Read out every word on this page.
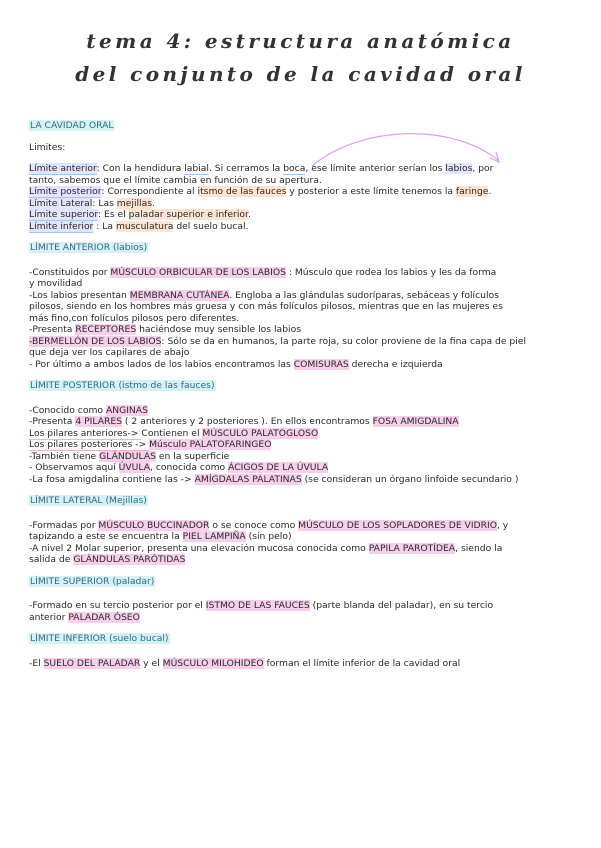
tema 4: estructura anatómica
del conjunto de la cavidad oral

LA CAVIDAD ORAL

Limites:

Límite anterior: Con la hendidura labial. Si cerramos la boca, ese límite anterior serían los labios, por

tanto, sabemos que el límite cambia en función de su apertura.

Límite posterior: Correspondiente al itsmo de las fauces y posterior a este límite tenemos la faringe.

Límite Lateral: Las mejillas.

Límite superior: Es el paladar superior e inferior.

Límite inferior : La musculatura del suelo bucal.

LÍMITE ANTERIOR (labios)

-Constituidos por MÚSCULO ORBICULAR DE LOS LABIOS : Músculo que rodea los labios y les da forma

y movilidad

-Los labios presentan MEMBRANA CUTÁNEA. Engloba a las glándulas sudoríparas, sebáceas y folículos

pilosos, siendo en los hombres más gruesa y con más folículos pilosos, mientras que en las mujeres es

más fino,con folículos pilosos pero diferentes.

-Presenta RECEPTORES haciéndose muy sensible los labios

-BERMELLÓN DE LOS LABIOS: Sólo se da en humanos, la parte roja, su color proviene de la fina capa de piel

que deja ver los capilares de abajo

- Por último a ambos lados de los labios encontramos las COMISURAS derecha e izquierda

LÍMITE POSTERIOR (istmo de las fauces)

-Conocido como ANGINAS

-Presenta 4 PILARES ( 2 anteriores y 2 posteriores ). En ellos encontramos FOSA AMIGDALINA

Los pilares anteriores-> Contienen el MÚSCULO PALATOGLOSO

Los pilares posteriores -> Músculo PALATOFARINGEO

-También tiene GLÁNDULAS en la superficie

- Observamos aquí ÚVULA, conocida como ÁCIGOS DE LA ÚVULA

-La fosa amigdalina contiene las -> AMÍGDALAS PALATINAS (se consideran un órgano linfoide secundario )

LÍMITE LATERAL (Mejillas)

-Formadas por MÚSCULO BUCCINADOR o se conoce como MÚSCULO DE LOS SOPLADORES DE VIDRIO, y

tapizando a este se encuentra la PIEL LAMPIÑA (sin pelo)

-A nivel 2 Molar superior, presenta una elevación mucosa conocida como PAPILA PAROTÍDEA, siendo la

salida de GLÁNDULAS PARÓTIDAS

LÍMITE SUPERIOR (paladar)

-Formado en su tercio posterior por el ISTMO DE LAS FAUCES (parte blanda del paladar), en su tercio

anterior PALADAR ÓSEO

LÍMITE INFERIOR (suelo bucal)

-El SUELO DEL PALADAR y el MÚSCULO MILOHIDEO forman el límite inferior de la cavidad oral
